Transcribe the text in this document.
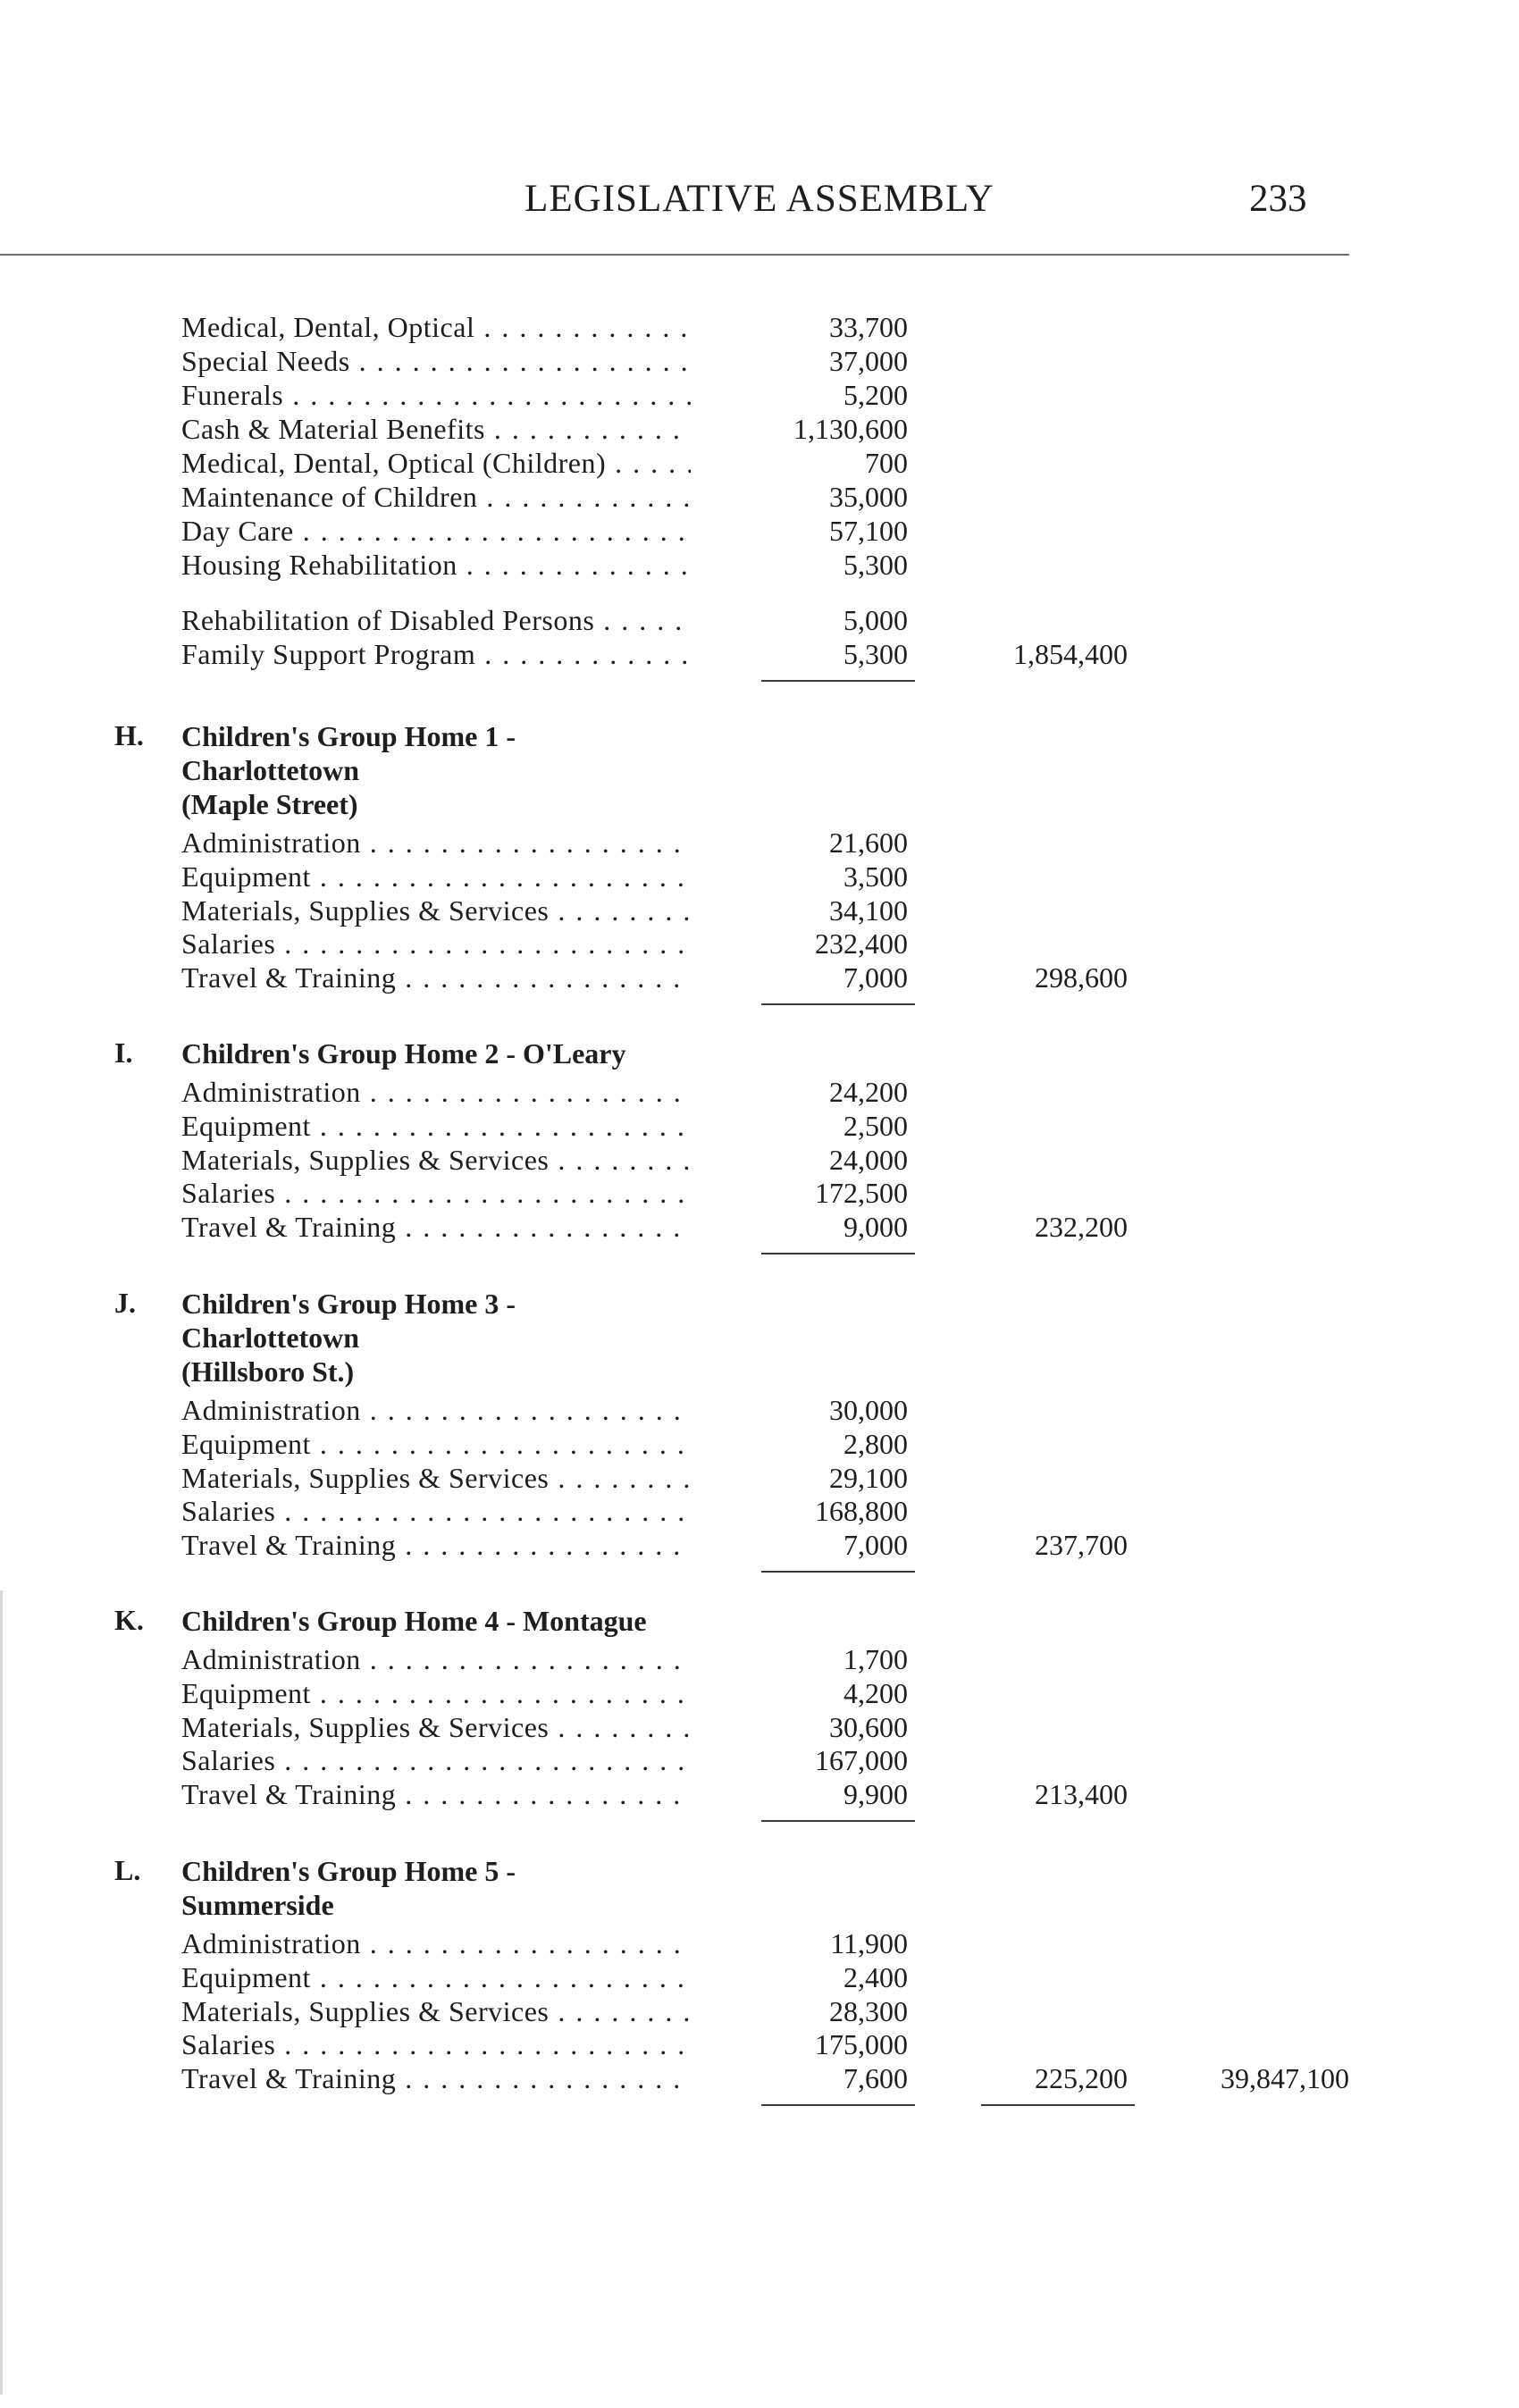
LEGISLATIVE ASSEMBLY	233
Medical, Dental, Optical . . .	33,700
Special Needs . . .	37,000
Funerals . . .	5,200
Cash & Material Benefits . . .	1,130,600
Medical, Dental, Optical (Children) . . .	700
Maintenance of Children . . .	35,000
Day Care . . .	57,100
Housing Rehabilitation . . .	5,300
Rehabilitation of Disabled Persons . . .	5,000
Family Support Program . . .	5,300	1,854,400
H. Children's Group Home 1 -
Charlottetown
(Maple Street)
Administration . . .	21,600
Equipment . . .	3,500
Materials, Supplies & Services . . .	34,100
Salaries . . .	232,400
Travel & Training . . .	7,000	298,600
I. Children's Group Home 2 - O'Leary
Administration . . .	24,200
Equipment . . .	2,500
Materials, Supplies & Services . . .	24,000
Salaries . . .	172,500
Travel & Training . . .	9,000	232,200
J. Children's Group Home 3 -
Charlottetown
(Hillsboro St.)
Administration . . .	30,000
Equipment . . .	2,800
Materials, Supplies & Services . . .	29,100
Salaries . . .	168,800
Travel & Training . . .	7,000	237,700
K. Children's Group Home 4 - Montague
Administration . . .	1,700
Equipment . . .	4,200
Materials, Supplies & Services . . .	30,600
Salaries . . .	167,000
Travel & Training . . .	9,900	213,400
L. Children's Group Home 5 -
Summerside
Administration . . .	11,900
Equipment . . .	2,400
Materials, Supplies & Services . . .	28,300
Salaries . . .	175,000
Travel & Training . . .	7,600	225,200	39,847,100
